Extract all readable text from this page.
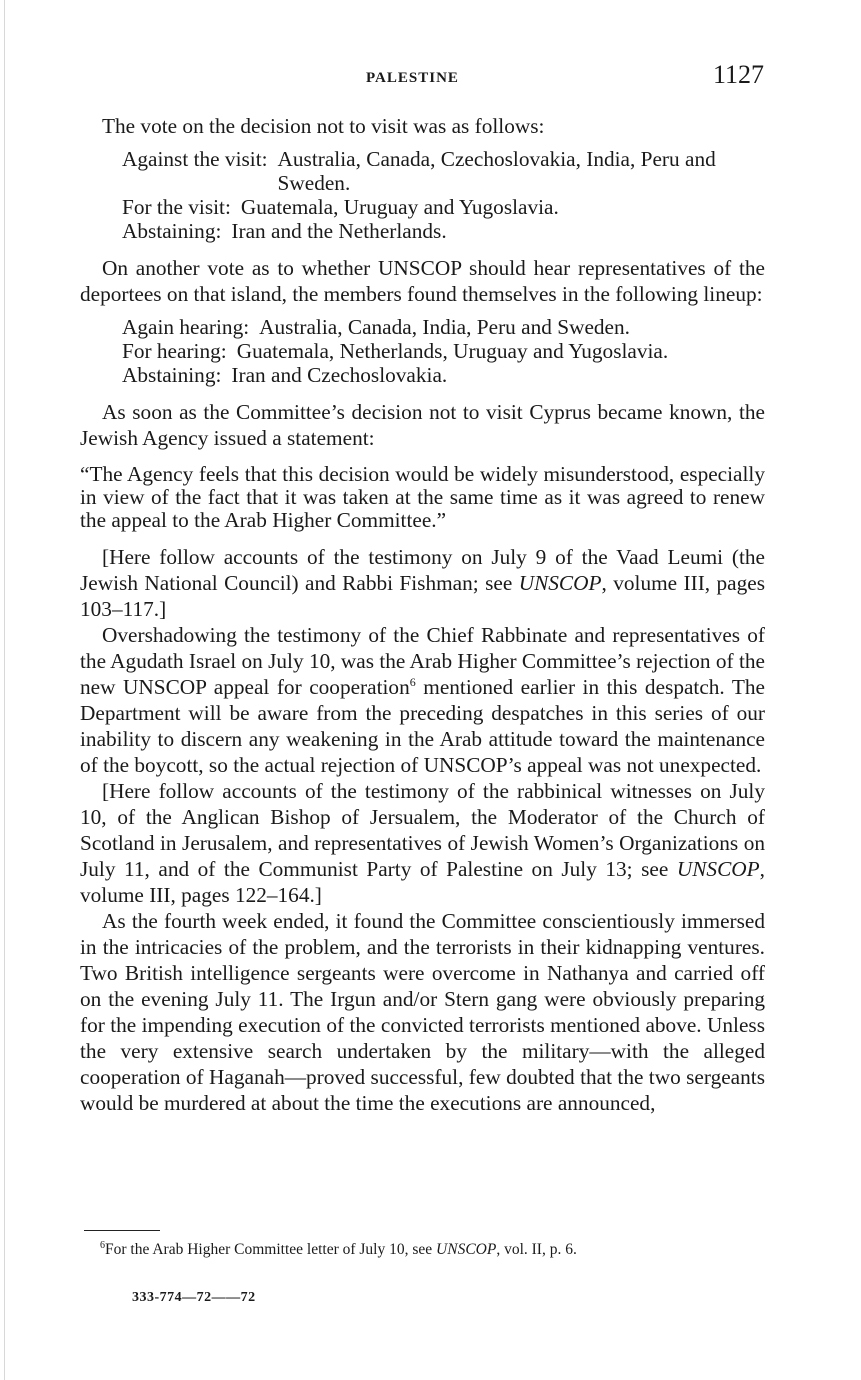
PALESTINE	1127

The vote on the decision not to visit was as follows:

Against the visit: Australia, Canada, Czechoslovakia, India, Peru and Sweden.
For the visit: Guatemala, Uruguay and Yugoslavia.
Abstaining: Iran and the Netherlands.

On another vote as to whether UNSCOP should hear representatives of the deportees on that island, the members found themselves in the following lineup:

Again hearing: Australia, Canada, India, Peru and Sweden.
For hearing: Guatemala, Netherlands, Uruguay and Yugoslavia.
Abstaining: Iran and Czechoslovakia.

As soon as the Committee’s decision not to visit Cyprus became known, the Jewish Agency issued a statement:

“The Agency feels that this decision would be widely misunderstood, especially in view of the fact that it was taken at the same time as it was agreed to renew the appeal to the Arab Higher Committee.”

[Here follow accounts of the testimony on July 9 of the Vaad Leumi (the Jewish National Council) and Rabbi Fishman; see UNSCOP, volume III, pages 103–117.]

Overshadowing the testimony of the Chief Rabbinate and representatives of the Agudath Israel on July 10, was the Arab Higher Committee’s rejection of the new UNSCOP appeal for cooperation$^6$ mentioned earlier in this despatch. The Department will be aware from the preceding despatches in this series of our inability to discern any weakening in the Arab attitude toward the maintenance of the boycott, so the actual rejection of UNSCOP’s appeal was not unexpected.

[Here follow accounts of the testimony of the rabbinical witnesses on July 10, of the Anglican Bishop of Jersualem, the Moderator of the Church of Scotland in Jerusalem, and representatives of Jewish Women’s Organizations on July 11, and of the Communist Party of Palestine on July 13; see UNSCOP, volume III, pages 122–164.]

As the fourth week ended, it found the Committee conscientiously immersed in the intricacies of the problem, and the terrorists in their kidnapping ventures. Two British intelligence sergeants were overcome in Nathanya and carried off on the evening July 11. The Irgun and/or Stern gang were obviously preparing for the impending execution of the convicted terrorists mentioned above. Unless the very extensive search undertaken by the military—with the alleged cooperation of Haganah—proved successful, few doubted that the two sergeants would be murdered at about the time the executions are announced,

$^6$For the Arab Higher Committee letter of July 10, see UNSCOP, vol. II, p. 6.
333-774—72——72
